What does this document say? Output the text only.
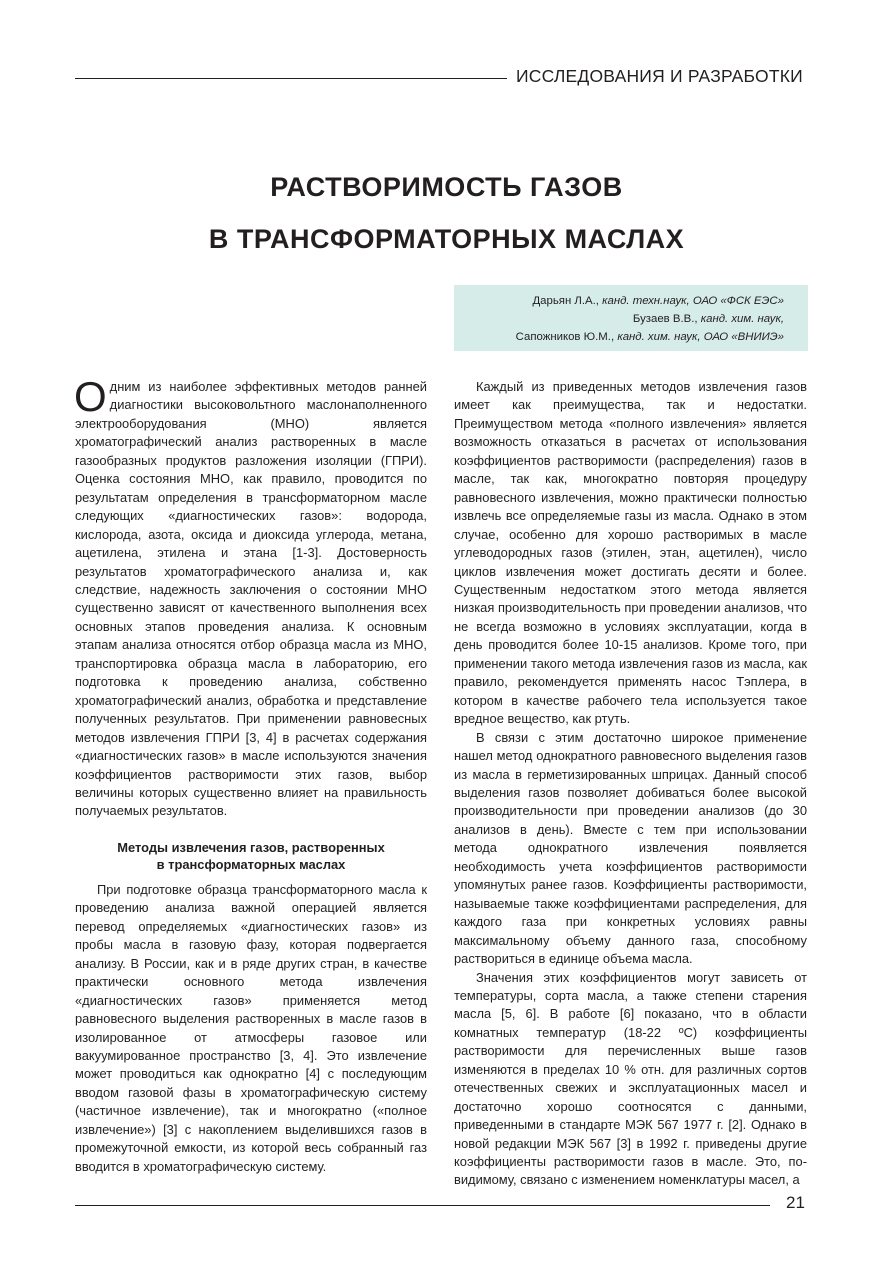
ИССЛЕДОВАНИЯ И РАЗРАБОТКИ
РАСТВОРИМОСТЬ ГАЗОВ
В ТРАНСФОРМАТОРНЫХ МАСЛАХ
Дарьян Л.А., канд. техн.наук, ОАО «ФСК ЕЭС»
Бузаев В.В., канд. хим. наук,
Сапожников Ю.М., канд. хим. наук, ОАО «ВНИИЭ»

Одним из наиболее эффективных методов ранней диагностики высоковольтного маслонаполненного электрооборудования (МНО) является хроматографический анализ растворенных в масле газообразных продуктов разложения изоляции (ГПРИ). Оценка состояния МНО, как правило, проводится по результатам определения в трансформаторном масле следующих «диагностических газов»: водорода, кислорода, азота, оксида и диоксида углерода, метана, ацетилена, этилена и этана [1-3]. Достоверность результатов хроматографического анализа и, как следствие, надежность заключения о состоянии МНО существенно зависят от качественного выполнения всех основных этапов проведения анализа. К основным этапам анализа относятся отбор образца масла из МНО, транспортировка образца масла в лабораторию, его подготовка к проведению анализа, собственно хроматографический анализ, обработка и представление полученных результатов. При применении равновесных методов извлечения ГПРИ [3, 4] в расчетах содержания «диагностических газов» в масле используются значения коэффициентов растворимости этих газов, выбор величины которых существенно влияет на правильность получаемых результатов.

Методы извлечения газов, растворенных
в трансформаторных маслах

При подготовке образца трансформаторного масла к проведению анализа важной операцией является перевод определяемых «диагностических газов» из пробы масла в газовую фазу, которая подвергается анализу. В России, как и в ряде других стран, в качестве практически основного метода извлечения «диагностических газов» применяется метод равновесного выделения растворенных в масле газов в изолированное от атмосферы газовое или вакуумированное пространство [3, 4]. Это извлечение может проводиться как однократно [4] с последующим вводом газовой фазы в хроматографическую систему (частичное извлечение), так и многократно («полное извлечение») [3] с накоплением выделившихся газов в промежуточной емкости, из которой весь собранный газ вводится в хроматографическую систему.

Каждый из приведенных методов извлечения газов имеет как преимущества, так и недостатки. Преимуществом метода «полного извлечения» является возможность отказаться в расчетах от использования коэффициентов растворимости (распределения) газов в масле, так как, многократно повторяя процедуру равновесного извлечения, можно практически полностью извлечь все определяемые газы из масла. Однако в этом случае, особенно для хорошо растворимых в масле углеводородных газов (этилен, этан, ацетилен), число циклов извлечения может достигать десяти и более. Существенным недостатком этого метода является низкая производительность при проведении анализов, что не всегда возможно в условиях эксплуатации, когда в день проводится более 10-15 анализов. Кроме того, при применении такого метода извлечения газов из масла, как правило, рекомендуется применять насос Тэплера, в котором в качестве рабочего тела используется такое вредное вещество, как ртуть.

В связи с этим достаточно широкое применение нашел метод однократного равновесного выделения газов из масла в герметизированных шприцах. Данный способ выделения газов позволяет добиваться более высокой производительности при проведении анализов (до 30 анализов в день). Вместе с тем при использовании метода однократного извлечения появляется необходимость учета коэффициентов растворимости упомянутых ранее газов. Коэффициенты растворимости, называемые также коэффициентами распределения, для каждого газа при конкретных условиях равны максимальному объему данного газа, способному раствориться в единице объема масла.

Значения этих коэффициентов могут зависеть от температуры, сорта масла, а также степени старения масла [5, 6]. В работе [6] показано, что в области комнатных температур (18-22 ºС) коэффициенты растворимости для перечисленных выше газов изменяются в пределах 10 % отн. для различных сортов отечественных свежих и эксплуатационных масел и достаточно хорошо соотносятся с данными, приведенными в стандарте МЭК 567 1977 г. [2]. Однако в новой редакции МЭК 567 [3] в 1992 г. приведены другие коэффициенты растворимости газов в масле. Это, по-видимому, связано с изменением номенклатуры масел, а

21
